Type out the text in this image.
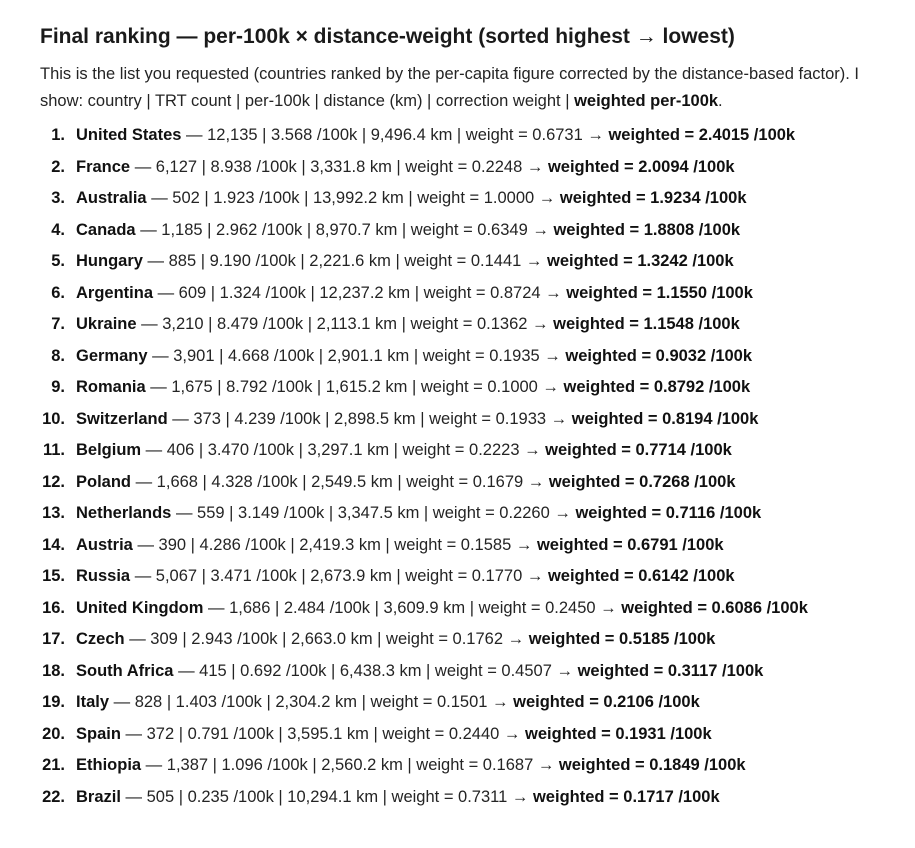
Final ranking — per-100k × distance-weight (sorted highest → lowest)

This is the list you requested (countries ranked by the per-capita figure corrected by the distance-based factor). I show: country | TRT count | per-100k | distance (km) | correction weight | weighted per-100k.

1. United States — 12,135 | 3.568 /100k | 9,496.4 km | weight = 0.6731 → weighted = 2.4015 /100k
2. France — 6,127 | 8.938 /100k | 3,331.8 km | weight = 0.2248 → weighted = 2.0094 /100k
3. Australia — 502 | 1.923 /100k | 13,992.2 km | weight = 1.0000 → weighted = 1.9234 /100k
4. Canada — 1,185 | 2.962 /100k | 8,970.7 km | weight = 0.6349 → weighted = 1.8808 /100k
5. Hungary — 885 | 9.190 /100k | 2,221.6 km | weight = 0.1441 → weighted = 1.3242 /100k
6. Argentina — 609 | 1.324 /100k | 12,237.2 km | weight = 0.8724 → weighted = 1.1550 /100k
7. Ukraine — 3,210 | 8.479 /100k | 2,113.1 km | weight = 0.1362 → weighted = 1.1548 /100k
8. Germany — 3,901 | 4.668 /100k | 2,901.1 km | weight = 0.1935 → weighted = 0.9032 /100k
9. Romania — 1,675 | 8.792 /100k | 1,615.2 km | weight = 0.1000 → weighted = 0.8792 /100k
10. Switzerland — 373 | 4.239 /100k | 2,898.5 km | weight = 0.1933 → weighted = 0.8194 /100k
11. Belgium — 406 | 3.470 /100k | 3,297.1 km | weight = 0.2223 → weighted = 0.7714 /100k
12. Poland — 1,668 | 4.328 /100k | 2,549.5 km | weight = 0.1679 → weighted = 0.7268 /100k
13. Netherlands — 559 | 3.149 /100k | 3,347.5 km | weight = 0.2260 → weighted = 0.7116 /100k
14. Austria — 390 | 4.286 /100k | 2,419.3 km | weight = 0.1585 → weighted = 0.6791 /100k
15. Russia — 5,067 | 3.471 /100k | 2,673.9 km | weight = 0.1770 → weighted = 0.6142 /100k
16. United Kingdom — 1,686 | 2.484 /100k | 3,609.9 km | weight = 0.2450 → weighted = 0.6086 /100k
17. Czech — 309 | 2.943 /100k | 2,663.0 km | weight = 0.1762 → weighted = 0.5185 /100k
18. South Africa — 415 | 0.692 /100k | 6,438.3 km | weight = 0.4507 → weighted = 0.3117 /100k
19. Italy — 828 | 1.403 /100k | 2,304.2 km | weight = 0.1501 → weighted = 0.2106 /100k
20. Spain — 372 | 0.791 /100k | 3,595.1 km | weight = 0.2440 → weighted = 0.1931 /100k
21. Ethiopia — 1,387 | 1.096 /100k | 2,560.2 km | weight = 0.1687 → weighted = 0.1849 /100k
22. Brazil — 505 | 0.235 /100k | 10,294.1 km | weight = 0.7311 → weighted = 0.1717 /100k
